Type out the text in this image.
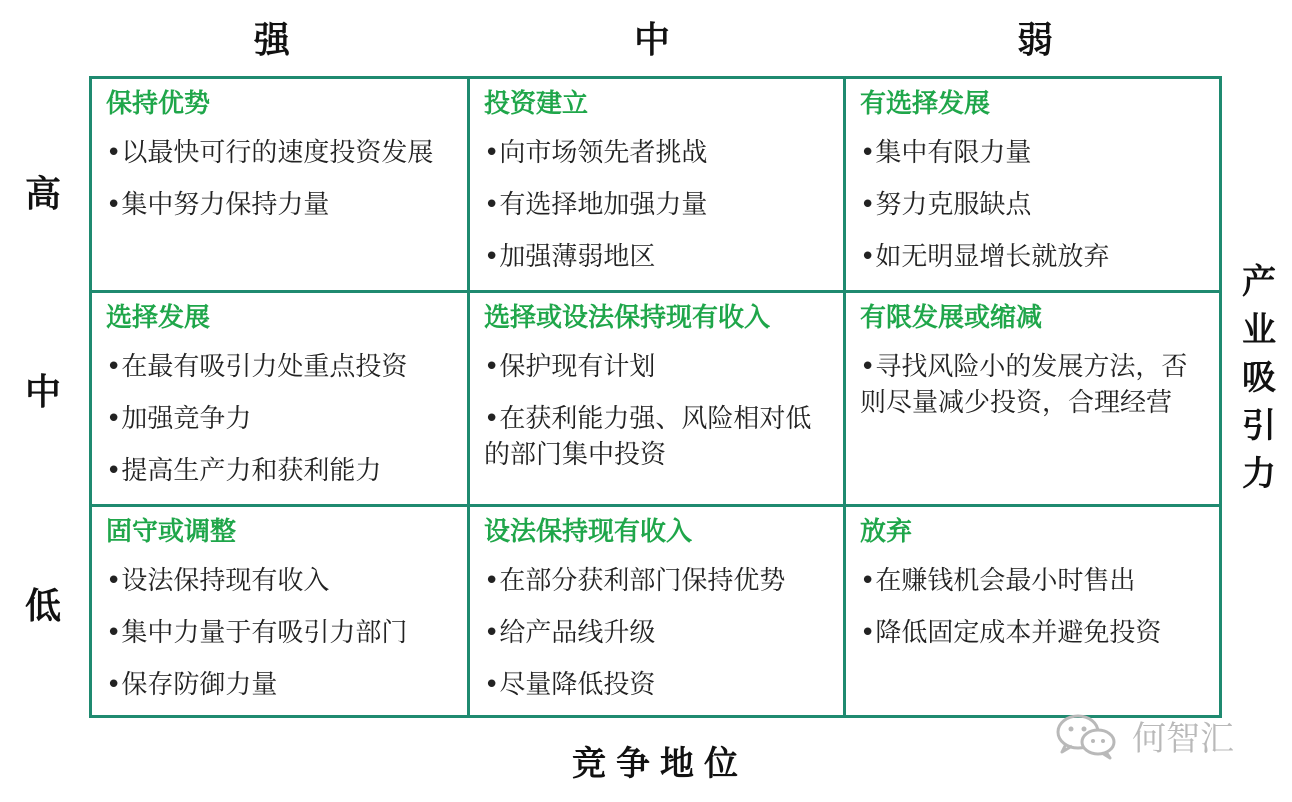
强	中	弱
高
中
低
保持优势
•以最快可行的速度投资发展
•集中努力保持力量
投资建立
•向市场领先者挑战
•有选择地加强力量
•加强薄弱地区
有选择发展
•集中有限力量
•努力克服缺点
•如无明显增长就放弃
选择发展
•在最有吸引力处重点投资
•加强竞争力
•提高生产力和获利能力
选择或设法保持现有收入
•保护现有计划
•在获利能力强、风险相对低的部门集中投资
有限发展或缩减
•寻找风险小的发展方法，否则尽量减少投资，合理经营
固守或调整
•设法保持现有收入
•集中力量于有吸引力部门
•保存防御力量
设法保持现有收入
•在部分获利部门保持优势
•给产品线升级
•尽量降低投资
放弃
•在赚钱机会最小时售出
•降低固定成本并避免投资
产
业
吸
引
力
竞争地位
何智汇
